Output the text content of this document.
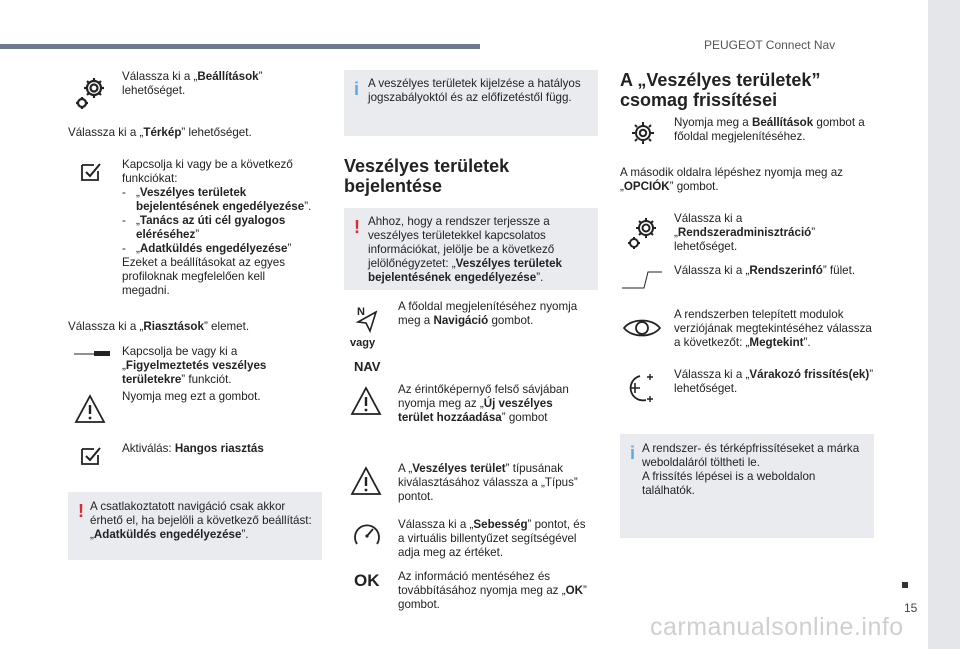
PEUGEOT Connect Nav
15
carmanualsonline.info
Válassza ki a „Beállítások” lehetőséget.
Válassza ki a „Térkép” lehetőséget.
Kapcsolja ki vagy be a következő funkciókat:
- „Veszélyes területek bejelentésének engedélyezése”.
- „Tanács az úti cél gyalogos eléréséhez”
- „Adatküldés engedélyezése”
Ezeket a beállításokat az egyes profiloknak megfelelően kell megadni.
Válassza ki a „Riasztások” elemet.
Kapcsolja be vagy ki a „Figyelmeztetés veszélyes területekre” funkciót.
Nyomja meg ezt a gombot.
Aktiválás: Hangos riasztás
! A csatlakoztatott navigáció csak akkor érhető el, ha bejelöli a következő beállítást: „Adatküldés engedélyezése”.
i A veszélyes területek kijelzése a hatályos jogszabályoktól és az előfizetéstől függ.
Veszélyes területek bejelentése
! Ahhoz, hogy a rendszer terjessze a veszélyes területekkel kapcsolatos információkat, jelölje be a következő jelölőnégyzetet: „Veszélyes területek bejelentésének engedélyezése”.
N
vagy
NAV
A főoldal megjelenítéséhez nyomja meg a Navigáció gombot.
Az érintőképernyő felső sávjában nyomja meg az „Új veszélyes terület hozzáadása” gombot
A „Veszélyes terület” típusának kiválasztásához válassza a „Típus” pontot.
Válassza ki a „Sebesség” pontot, és a virtuális billentyűzet segítségével adja meg az értéket.
OK Az információ mentéséhez és továbbításához nyomja meg az „OK” gombot.
A „Veszélyes területek” csomag frissítései
Nyomja meg a Beállítások gombot a főoldal megjelenítéséhez.
A második oldalra lépéshez nyomja meg az „OPCIÓK” gombot.
Válassza ki a „Rendszeradminisztráció” lehetőséget.
Válassza ki a „Rendszerinfó” fület.
A rendszerben telepített modulok verziójának megtekintéséhez válassza a következőt: „Megtekint”.
Válassza ki a „Várakozó frissítés(ek)” lehetőséget.
i A rendszer- és térképfrissítéseket a márka weboldaláról töltheti le.
A frissítés lépései is a weboldalon találhatók.
